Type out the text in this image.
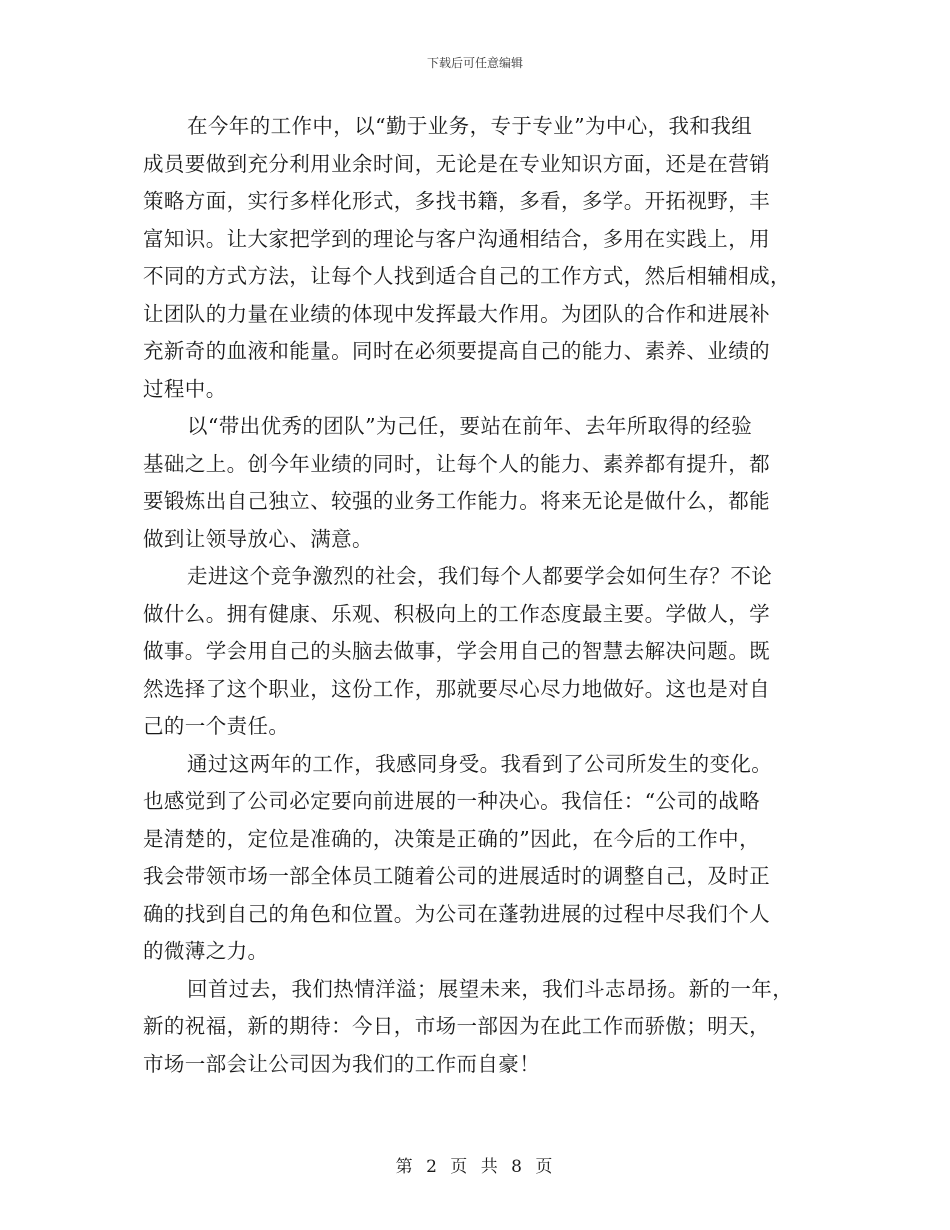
下载后可任意编辑
在今年的工作中，以“勤于业务，专于专业”为中心，我和我组
成员要做到充分利用业余时间，无论是在专业知识方面，还是在营销
策略方面，实行多样化形式，多找书籍，多看，多学。开拓视野，丰
富知识。让大家把学到的理论与客户沟通相结合，多用在实践上，用
不同的方式方法，让每个人找到适合自己的工作方式，然后相辅相成，
让团队的力量在业绩的体现中发挥最大作用。为团队的合作和进展补
充新奇的血液和能量。同时在必须要提高自己的能力、素养、业绩的
过程中。
以“带出优秀的团队”为己任，要站在前年、去年所取得的经验
基础之上。创今年业绩的同时，让每个人的能力、素养都有提升，都
要锻炼出自己独立、较强的业务工作能力。将来无论是做什么，都能
做到让领导放心、满意。
走进这个竞争激烈的社会，我们每个人都要学会如何生存？不论
做什么。拥有健康、乐观、积极向上的工作态度最主要。学做人，学
做事。学会用自己的头脑去做事，学会用自己的智慧去解决问题。既
然选择了这个职业，这份工作，那就要尽心尽力地做好。这也是对自
己的一个责任。
通过这两年的工作，我感同身受。我看到了公司所发生的变化。
也感觉到了公司必定要向前进展的一种决心。我信任：“公司的战略
是清楚的，定位是准确的，决策是正确的”因此，在今后的工作中，
我会带领市场一部全体员工随着公司的进展适时的调整自己，及时正
确的找到自己的角色和位置。为公司在蓬勃进展的过程中尽我们个人
的微薄之力。
回首过去，我们热情洋溢；展望未来，我们斗志昂扬。新的一年，
新的祝福，新的期待：今日，市场一部因为在此工作而骄傲；明天，
市场一部会让公司因为我们的工作而自豪！
第 2 页 共 8 页
